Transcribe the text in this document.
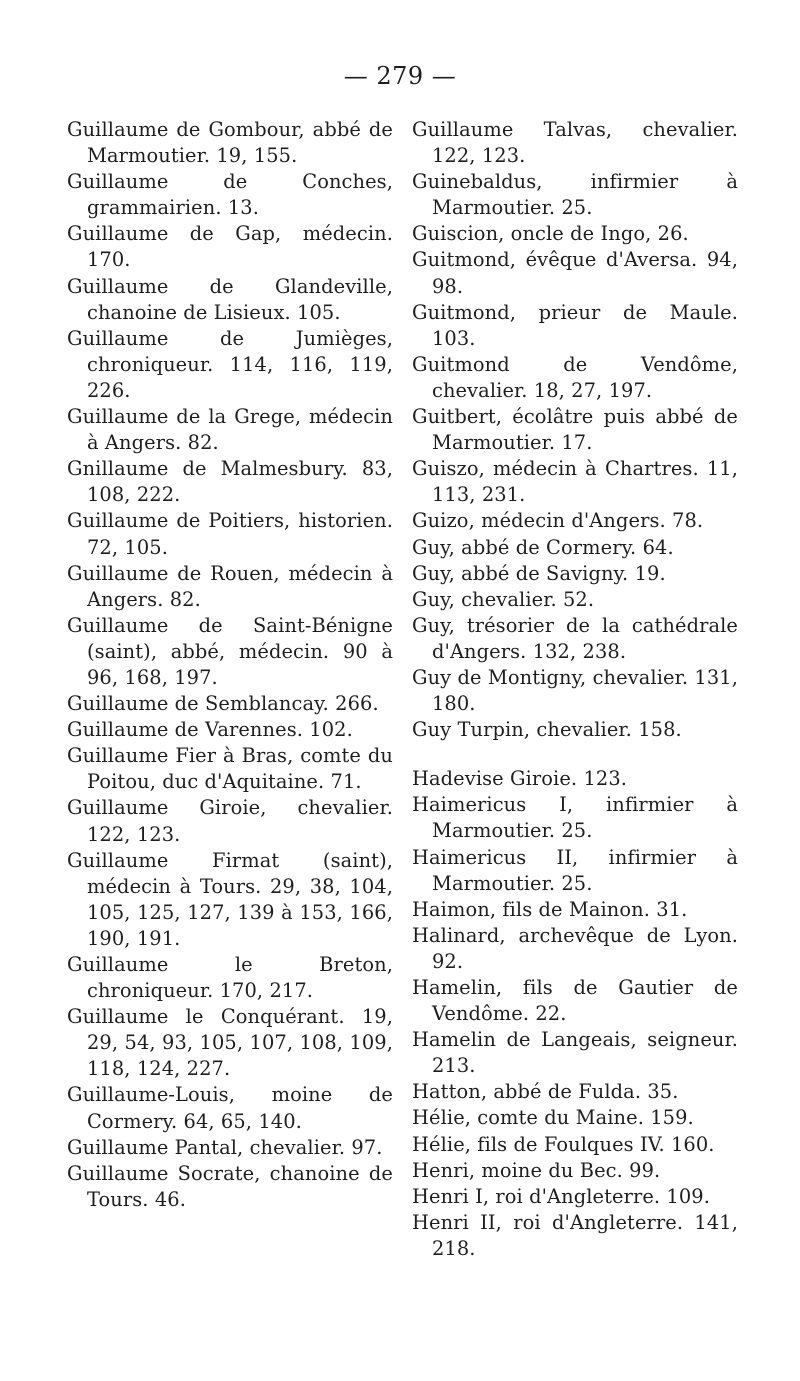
— 279 —
Guillaume de Gombour, abbé de Marmoutier. 19, 155.
Guillaume de Conches, grammairien. 13.
Guillaume de Gap, médecin. 170.
Guillaume de Glandeville, chanoine de Lisieux. 105.
Guillaume de Jumièges, chroniqueur. 114, 116, 119, 226.
Guillaume de la Grege, médecin à Angers. 82.
Gnillaume de Malmesbury. 83, 108, 222.
Guillaume de Poitiers, historien. 72, 105.
Guillaume de Rouen, médecin à Angers. 82.
Guillaume de Saint-Bénigne (saint), abbé, médecin. 90 à 96, 168, 197.
Guillaume de Semblancay. 266.
Guillaume de Varennes. 102.
Guillaume Fier à Bras, comte du Poitou, duc d'Aquitaine. 71.
Guillaume Giroie, chevalier. 122, 123.
Guillaume Firmat (saint), médecin à Tours. 29, 38, 104, 105, 125, 127, 139 à 153, 166, 190, 191.
Guillaume le Breton, chroniqueur. 170, 217.
Guillaume le Conquérant. 19, 29, 54, 93, 105, 107, 108, 109, 118, 124, 227.
Guillaume-Louis, moine de Cormery. 64, 65, 140.
Guillaume Pantal, chevalier. 97.
Guillaume Socrate, chanoine de Tours. 46.
Guillaume Talvas, chevalier. 122, 123.
Guinebaldus, infirmier à Marmoutier. 25.
Guiscion, oncle de Ingo, 26.
Guitmond, évêque d'Aversa. 94, 98.
Guitmond, prieur de Maule. 103.
Guitmond de Vendôme, chevalier. 18, 27, 197.
Guitbert, écolâtre puis abbé de Marmoutier. 17.
Guiszo, médecin à Chartres. 11, 113, 231.
Guizo, médecin d'Angers. 78.
Guy, abbé de Cormery. 64.
Guy, abbé de Savigny. 19.
Guy, chevalier. 52.
Guy, trésorier de la cathédrale d'Angers. 132, 238.
Guy de Montigny, chevalier. 131, 180.
Guy Turpin, chevalier. 158.
Hadevise Giroie. 123.
Haimericus I, infirmier à Marmoutier. 25.
Haimericus II, infirmier à Marmoutier. 25.
Haimon, fils de Mainon. 31.
Halinard, archevêque de Lyon. 92.
Hamelin, fils de Gautier de Vendôme. 22.
Hamelin de Langeais, seigneur. 213.
Hatton, abbé de Fulda. 35.
Hélie, comte du Maine. 159.
Hélie, fils de Foulques IV. 160.
Henri, moine du Bec. 99.
Henri I, roi d'Angleterre. 109.
Henri II, roi d'Angleterre. 141, 218.
